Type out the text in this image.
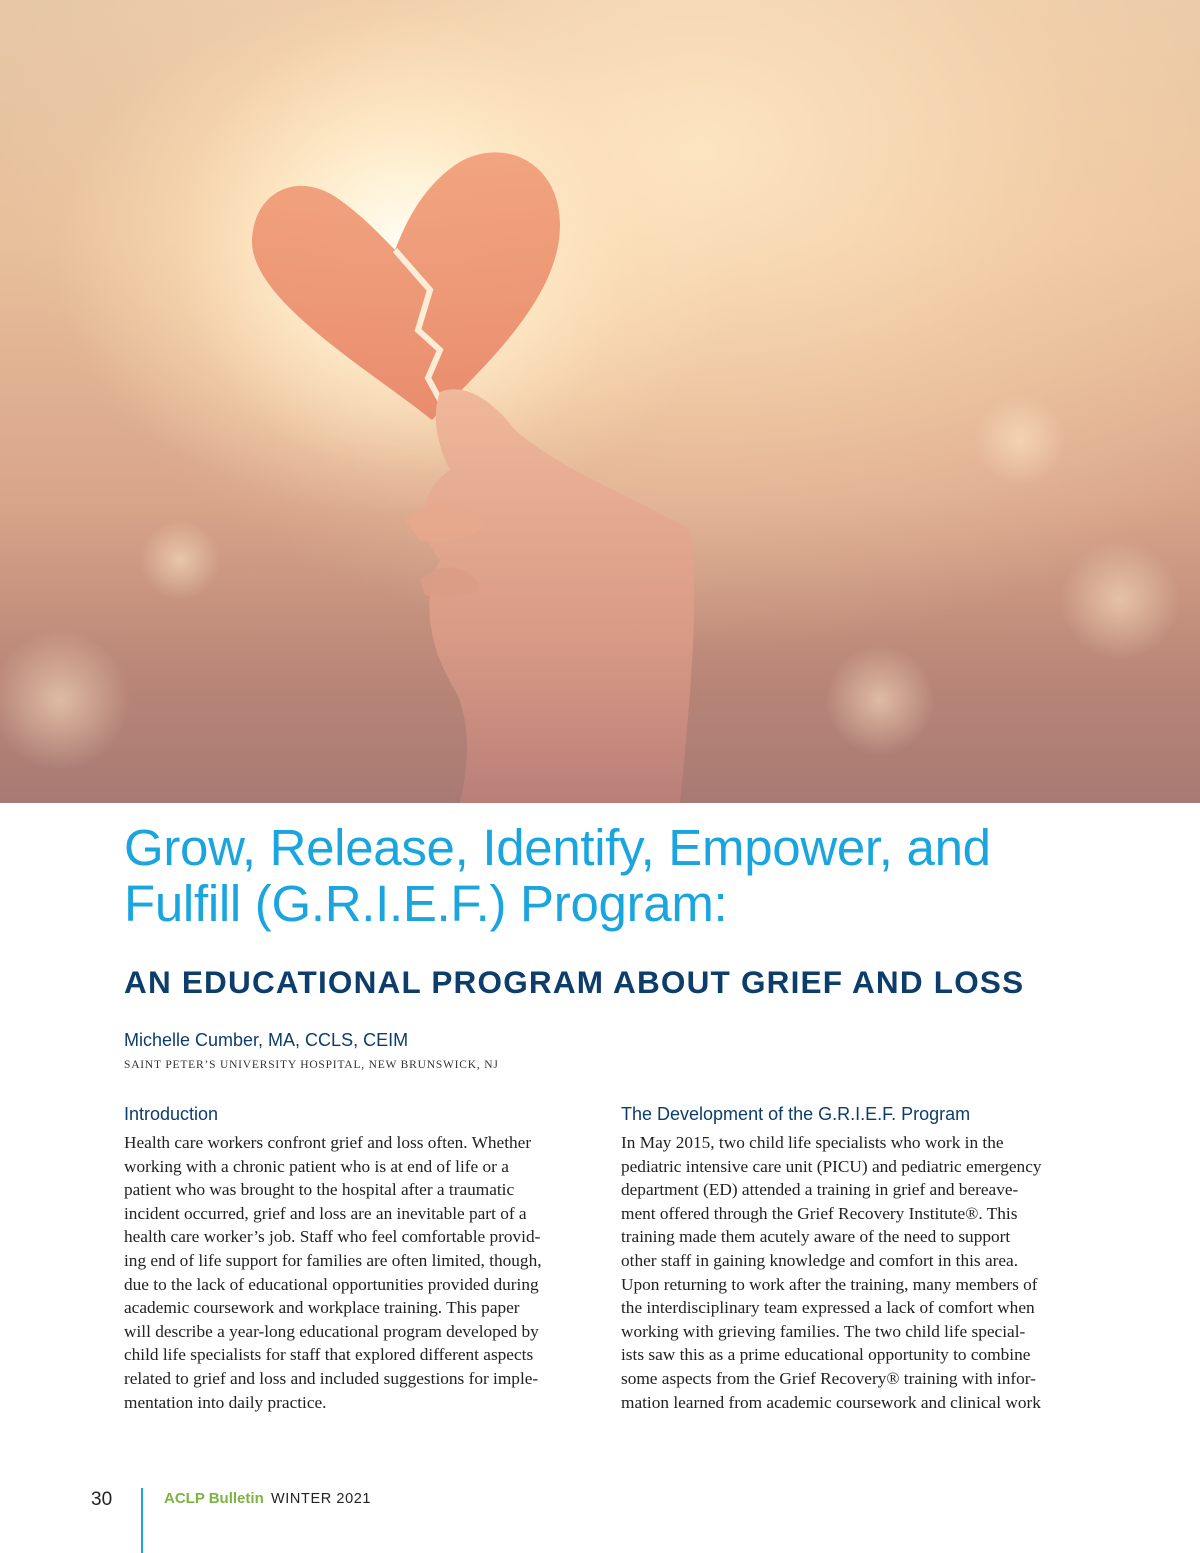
Grow, Release, Identify, Empower, and
Fulfill (G.R.I.E.F.) Program:
AN EDUCATIONAL PROGRAM ABOUT GRIEF AND LOSS
Michelle Cumber, MA, CCLS, CEIM
SAINT PETER’S UNIVERSITY HOSPITAL, NEW BRUNSWICK, NJ
Introduction
Health care workers confront grief and loss often. Whether
working with a chronic patient who is at end of life or a
patient who was brought to the hospital after a traumatic
incident occurred, grief and loss are an inevitable part of a
health care worker’s job. Staff who feel comfortable provid-
ing end of life support for families are often limited, though,
due to the lack of educational opportunities provided during
academic coursework and workplace training. This paper
will describe a year-long educational program developed by
child life specialists for staff that explored different aspects
related to grief and loss and included suggestions for imple-
mentation into daily practice.
The Development of the G.R.I.E.F. Program
In May 2015, two child life specialists who work in the
pediatric intensive care unit (PICU) and pediatric emergency
department (ED) attended a training in grief and bereave-
ment offered through the Grief Recovery Institute®. This
training made them acutely aware of the need to support
other staff in gaining knowledge and comfort in this area.
Upon returning to work after the training, many members of
the interdisciplinary team expressed a lack of comfort when
working with grieving families. The two child life special-
ists saw this as a prime educational opportunity to combine
some aspects from the Grief Recovery® training with infor-
mation learned from academic coursework and clinical work
30	ACLP Bulletin WINTER 2021
